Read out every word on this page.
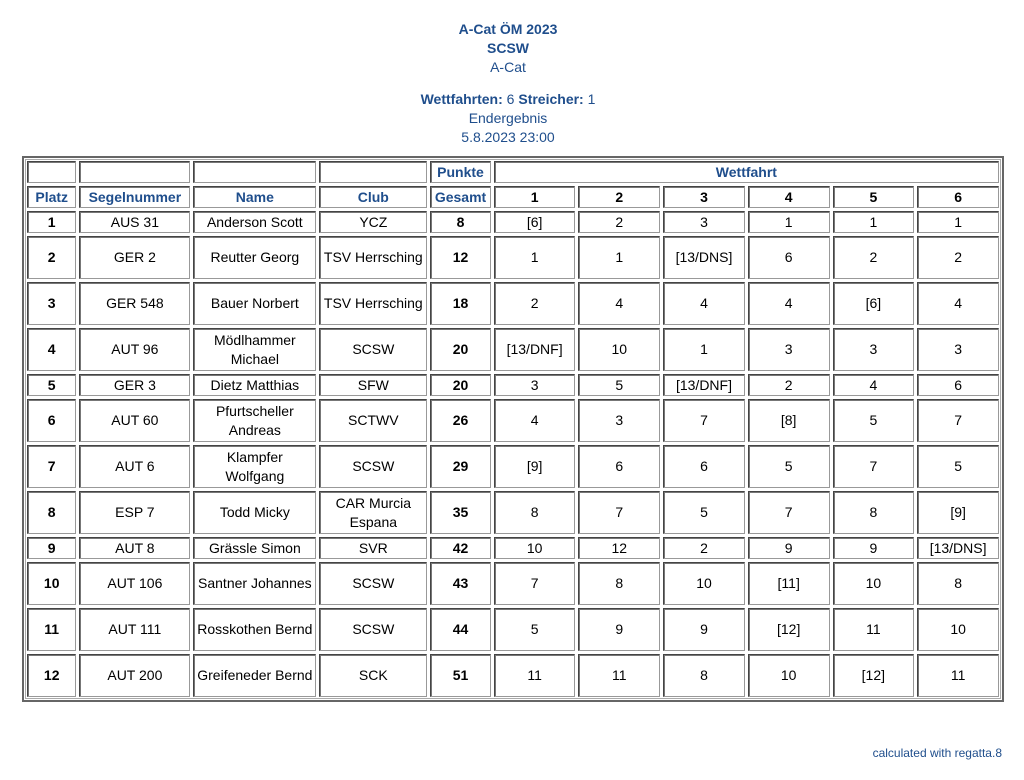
A-Cat ÖM 2023
SCSW
A-Cat
Wettfahrten: 6 Streicher: 1
Endergebnis
5.8.2023 23:00
				Punkte	Wettfahrt					
Platz	Segelnummer	Name	Club	Gesamt	1	2	3	4	5	6
1	AUS 31	Anderson Scott	YCZ	8	[6]	2	3	1	1	1
2	GER 2	Reutter Georg	TSV Herrsching	12	1	1	[13/DNS]	6	2	2
3	GER 548	Bauer Norbert	TSV Herrsching	18	2	4	4	4	[6]	4
4	AUT 96	Mödlhammer Michael	SCSW	20	[13/DNF]	10	1	3	3	3
5	GER 3	Dietz Matthias	SFW	20	3	5	[13/DNF]	2	4	6
6	AUT 60	Pfurtscheller Andreas	SCTWV	26	4	3	7	[8]	5	7
7	AUT 6	Klampfer Wolfgang	SCSW	29	[9]	6	6	5	7	5
8	ESP 7	Todd Micky	CAR Murcia Espana	35	8	7	5	7	8	[9]
9	AUT 8	Grässle Simon	SVR	42	10	12	2	9	9	[13/DNS]
10	AUT 106	Santner Johannes	SCSW	43	7	8	10	[11]	10	8
11	AUT 111	Rosskothen Bernd	SCSW	44	5	9	9	[12]	11	10
12	AUT 200	Greifeneder Bernd	SCK	51	11	11	8	10	[12]	11
calculated with regatta.8
